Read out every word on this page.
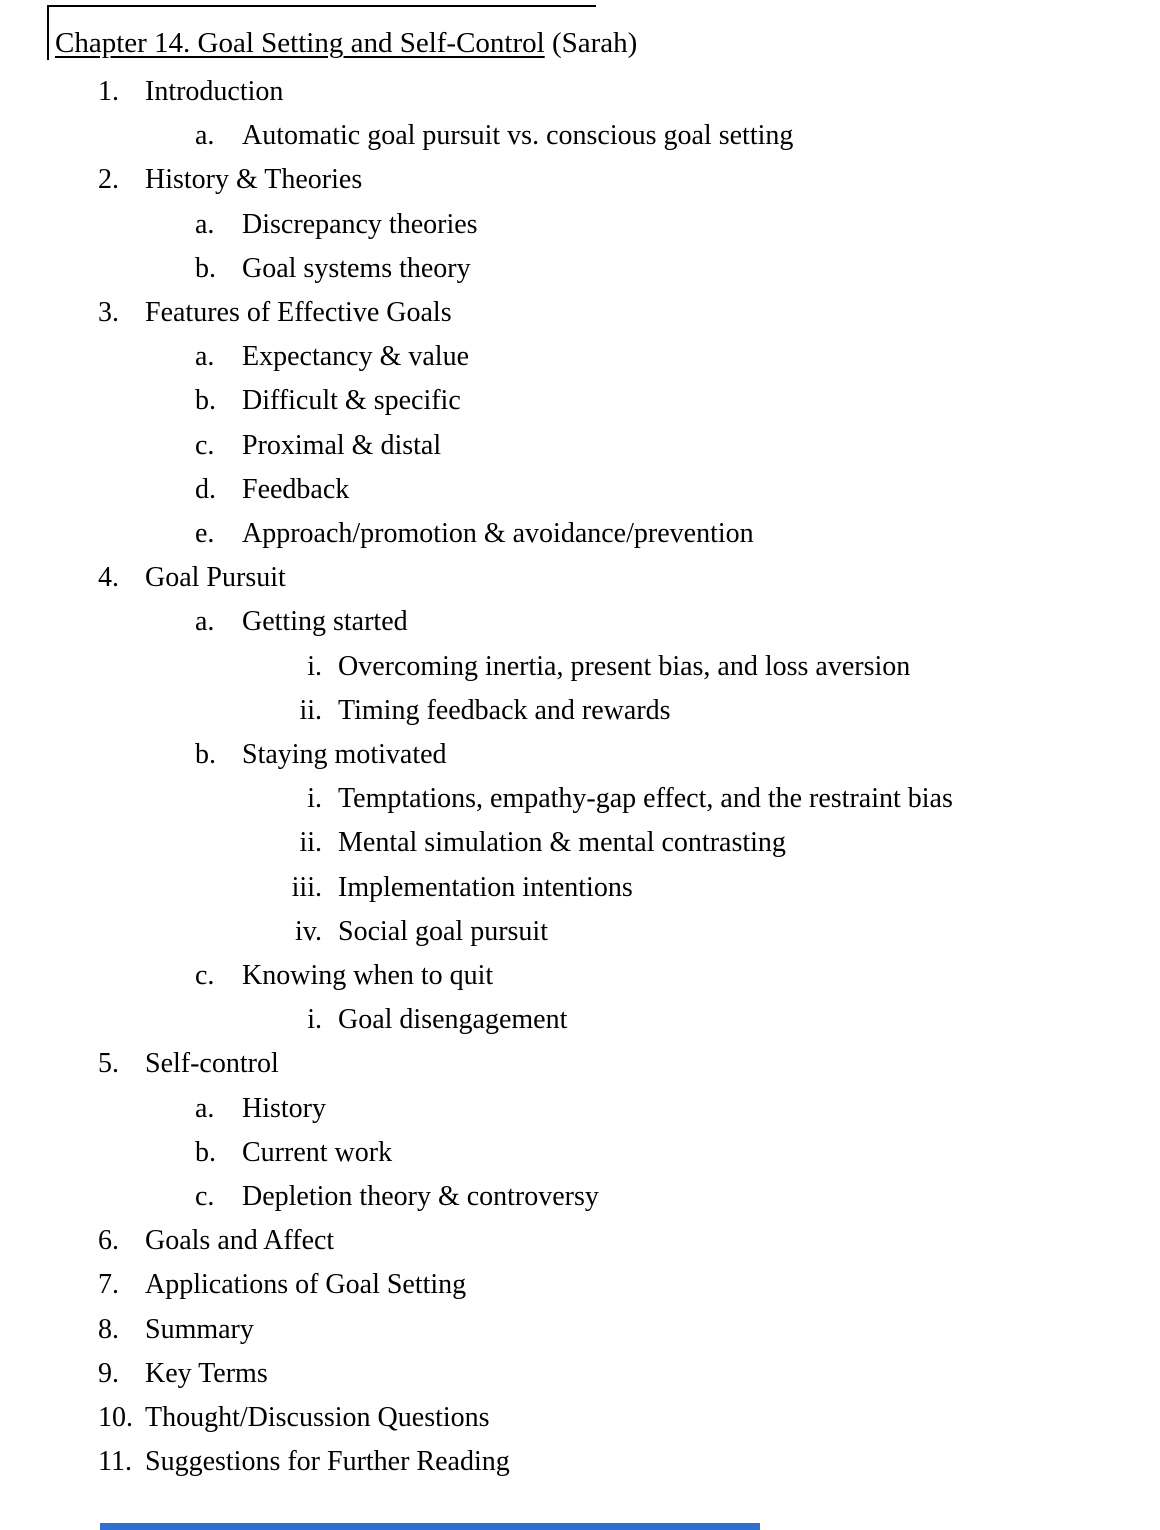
Chapter 14. Goal Setting and Self-Control (Sarah)
1. Introduction
a. Automatic goal pursuit vs. conscious goal setting
2. History & Theories
a. Discrepancy theories
b. Goal systems theory
3. Features of Effective Goals
a. Expectancy & value
b. Difficult & specific
c. Proximal & distal
d. Feedback
e. Approach/promotion & avoidance/prevention
4. Goal Pursuit
a. Getting started
i. Overcoming inertia, present bias, and loss aversion
ii. Timing feedback and rewards
b. Staying motivated
i. Temptations, empathy-gap effect, and the restraint bias
ii. Mental simulation & mental contrasting
iii. Implementation intentions
iv. Social goal pursuit
c. Knowing when to quit
i. Goal disengagement
5. Self-control
a. History
b. Current work
c. Depletion theory & controversy
6. Goals and Affect
7. Applications of Goal Setting
8. Summary
9. Key Terms
10. Thought/Discussion Questions
11. Suggestions for Further Reading
